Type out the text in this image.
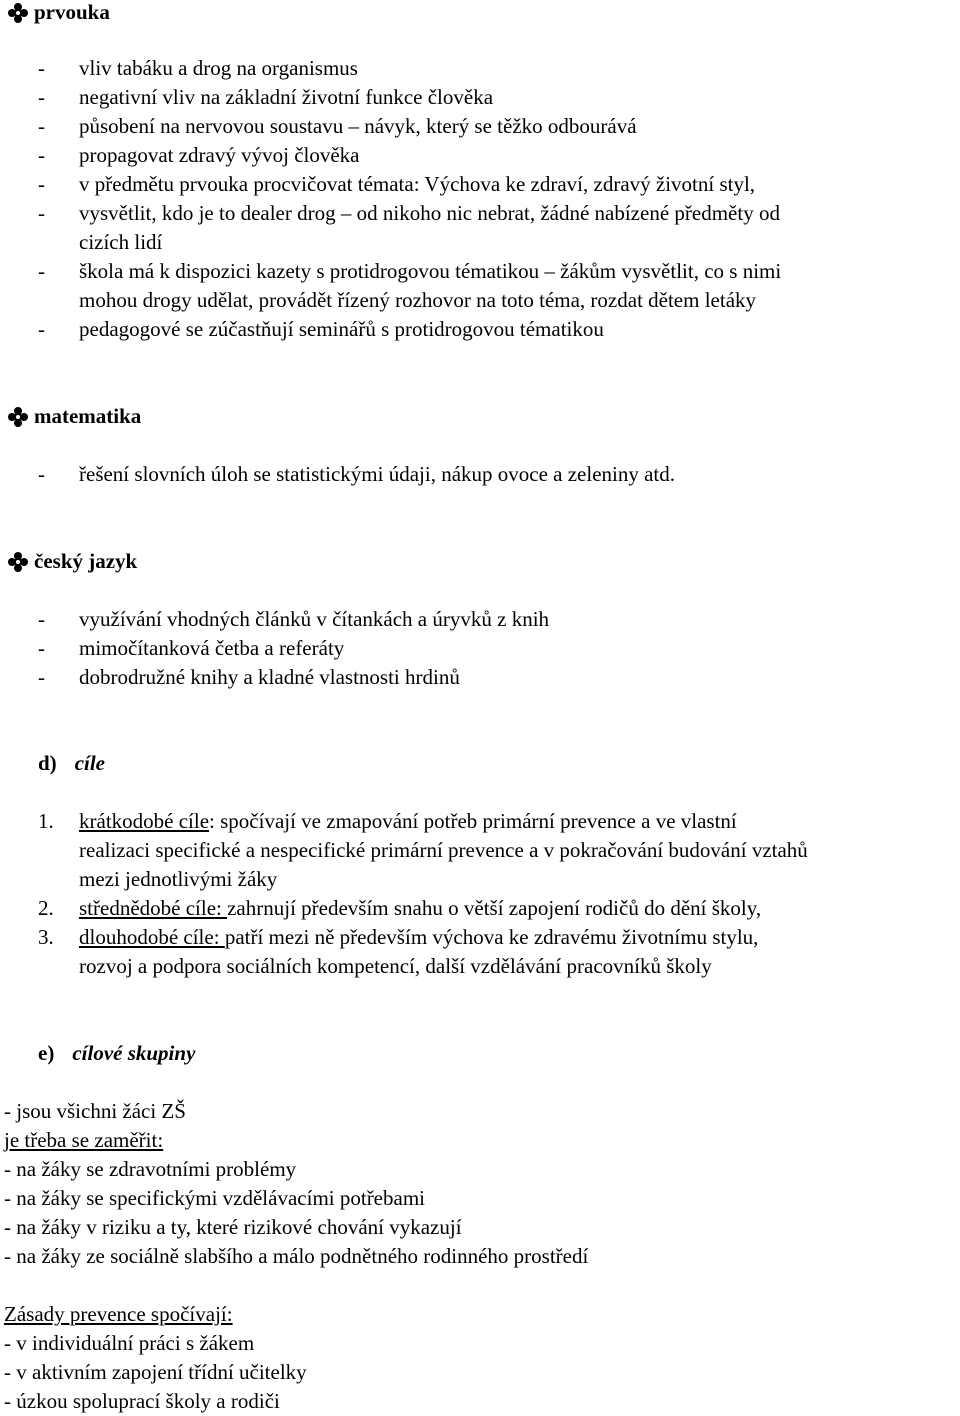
prvouka
- vliv tabáku a drog na organismus
- negativní vliv na základní životní funkce člověka
- působení na nervovou soustavu – návyk, který se těžko odbourává
- propagovat zdravý vývoj člověka
- v předmětu prvouka procvičovat témata: Výchova ke zdraví, zdravý životní styl,
- vysvětlit, kdo je to dealer drog – od nikoho nic nebrat, žádné nabízené předměty od
cizích lidí
- škola má k dispozici kazety s protidrogovou tématikou – žákům vysvětlit, co s nimi
mohou drogy udělat, provádět řízený rozhovor na toto téma, rozdat dětem letáky
- pedagogové se zúčastňují seminářů s protidrogovou tématikou
matematika
- řešení slovních úloh se statistickými údaji, nákup ovoce a zeleniny atd.
český jazyk
- využívání vhodných článků v čítankách a úryvků z knih
- mimočítanková četba a referáty
- dobrodružné knihy a kladné vlastnosti hrdinů
d) cíle
1. krátkodobé cíle: spočívají ve zmapování potřeb primární prevence a ve vlastní
realizaci specifické a nespecifické primární prevence a v pokračování budování vztahů
mezi jednotlivými žáky
2. střednědobé cíle: zahrnují především snahu o větší zapojení rodičů do dění školy,
3. dlouhodobé cíle: patří mezi ně především výchova ke zdravému životnímu stylu,
rozvoj a podpora sociálních kompetencí, další vzdělávání pracovníků školy
e) cílové skupiny
- jsou všichni žáci ZŠ
je třeba se zaměřit:
- na žáky se zdravotními problémy
- na žáky se specifickými vzdělávacími potřebami
- na žáky v riziku a ty, které rizikové chování vykazují
- na žáky ze sociálně slabšího a málo podnětného rodinného prostředí
Zásady prevence spočívají:
- v individuální práci s žákem
- v aktivním zapojení třídní učitelky
- úzkou spoluprací školy a rodiči
